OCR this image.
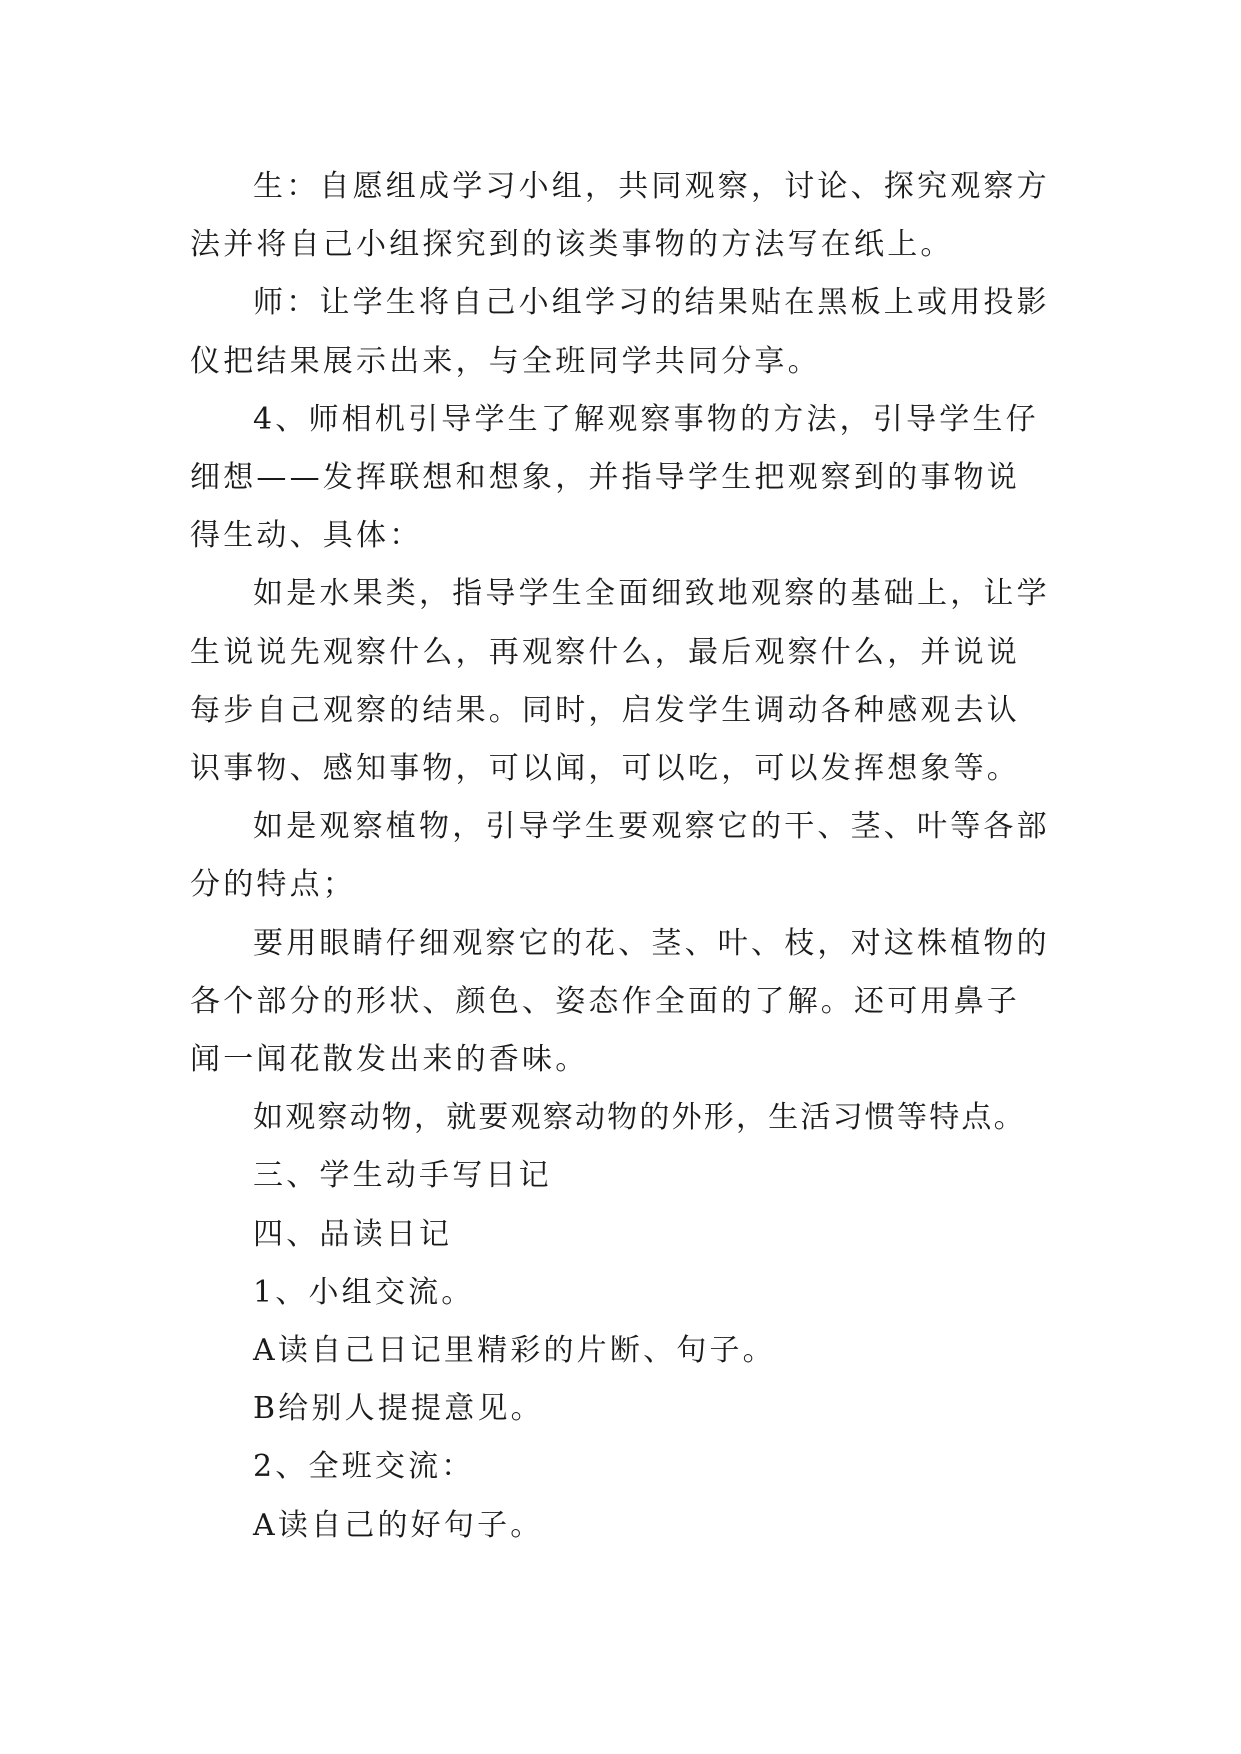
生：自愿组成学习小组，共同观察，讨论、探究观察方法并将自己小组探究到的该类事物的方法写在纸上。

师：让学生将自己小组学习的结果贴在黑板上或用投影仪把结果展示出来，与全班同学共同分享。

4、师相机引导学生了解观察事物的方法，引导学生仔细想——发挥联想和想象，并指导学生把观察到的事物说得生动、具体：

如是水果类，指导学生全面细致地观察的基础上，让学生说说先观察什么，再观察什么，最后观察什么，并说说每步自己观察的结果。同时，启发学生调动各种感观去认识事物、感知事物，可以闻，可以吃，可以发挥想象等。

如是观察植物，引导学生要观察它的干、茎、叶等各部分的特点；

要用眼睛仔细观察它的花、茎、叶、枝，对这株植物的各个部分的形状、颜色、姿态作全面的了解。还可用鼻子闻一闻花散发出来的香味。

如观察动物，就要观察动物的外形，生活习惯等特点。

三、学生动手写日记

四、品读日记

1、小组交流。

A读自己日记里精彩的片断、句子。

B给别人提提意见。

2、全班交流：

A读自己的好句子。
